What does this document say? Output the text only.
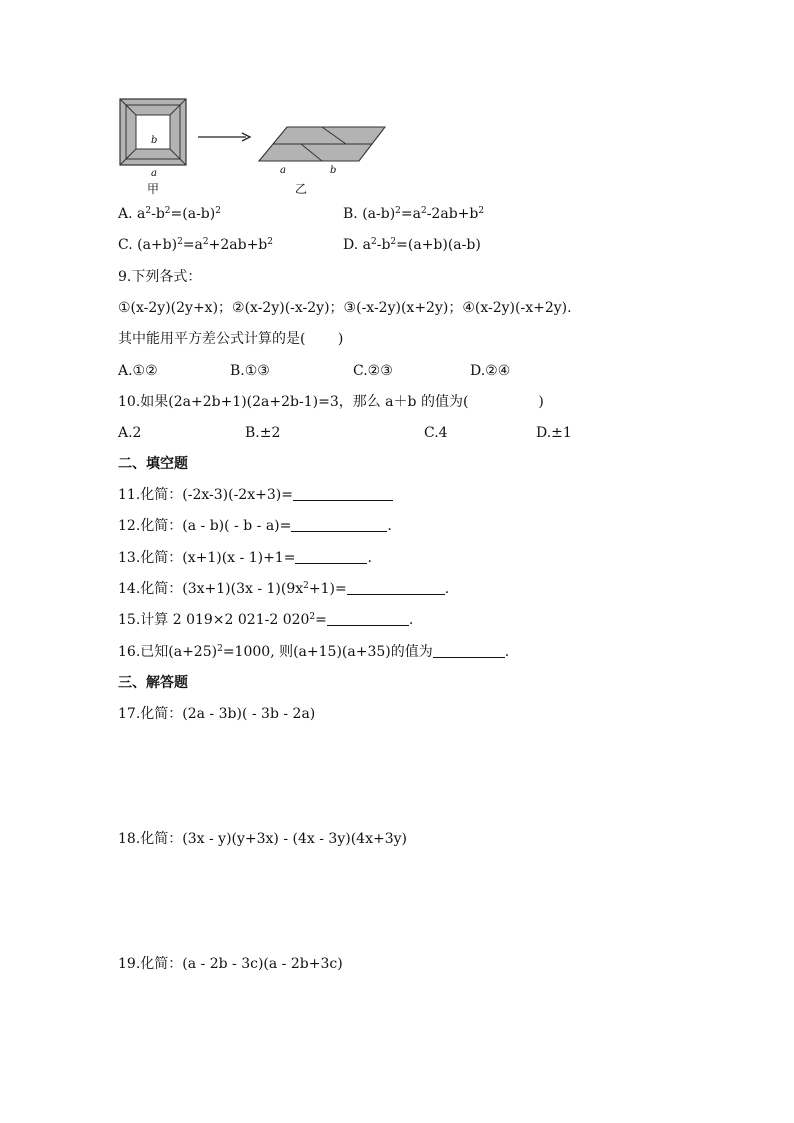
b
a
甲
a	b
乙
A. $a^2-b^2=(a-b)^2$	B. $(a-b)^2=a^2-2ab+b^2$
C. $(a+b)^2=a^2+2ab+b^2$	D. $a^2-b^2=(a+b)(a-b)$
9.下列各式：
①(x-2y)(2y+x)；②(x-2y)(-x-2y)；③(-x-2y)(x+2y)；④(x-2y)(-x+2y).
其中能用平方差公式计算的是(　　 )
A.①②	B.①③	C.②③	D.②④
10.如果(2a+2b+1)(2a+2b-1)=3，那么 a＋b 的值为(　　　　　)
A.2	B.±2	C.4	D.±1
二、填空题
11.化简：(-2x-3)(-2x+3)=
12.化简：(a - b)( - b - a)=	.
13.化简：(x+1)(x - 1)+1=	.
14.化简：$(3x+1)(3x - 1)(9x^2+1)=$	.
15.计算 2 019×2 021-2 $020^2=$	.
16.已知$(a+25)^2=1000$, 则(a+15)(a+35)的值为	.
三、解答题
17.化简：(2a - 3b)( - 3b - 2a)
18.化简：(3x - y)(y+3x) - (4x - 3y)(4x+3y)
19.化简：(a - 2b - 3c)(a - 2b+3c)
